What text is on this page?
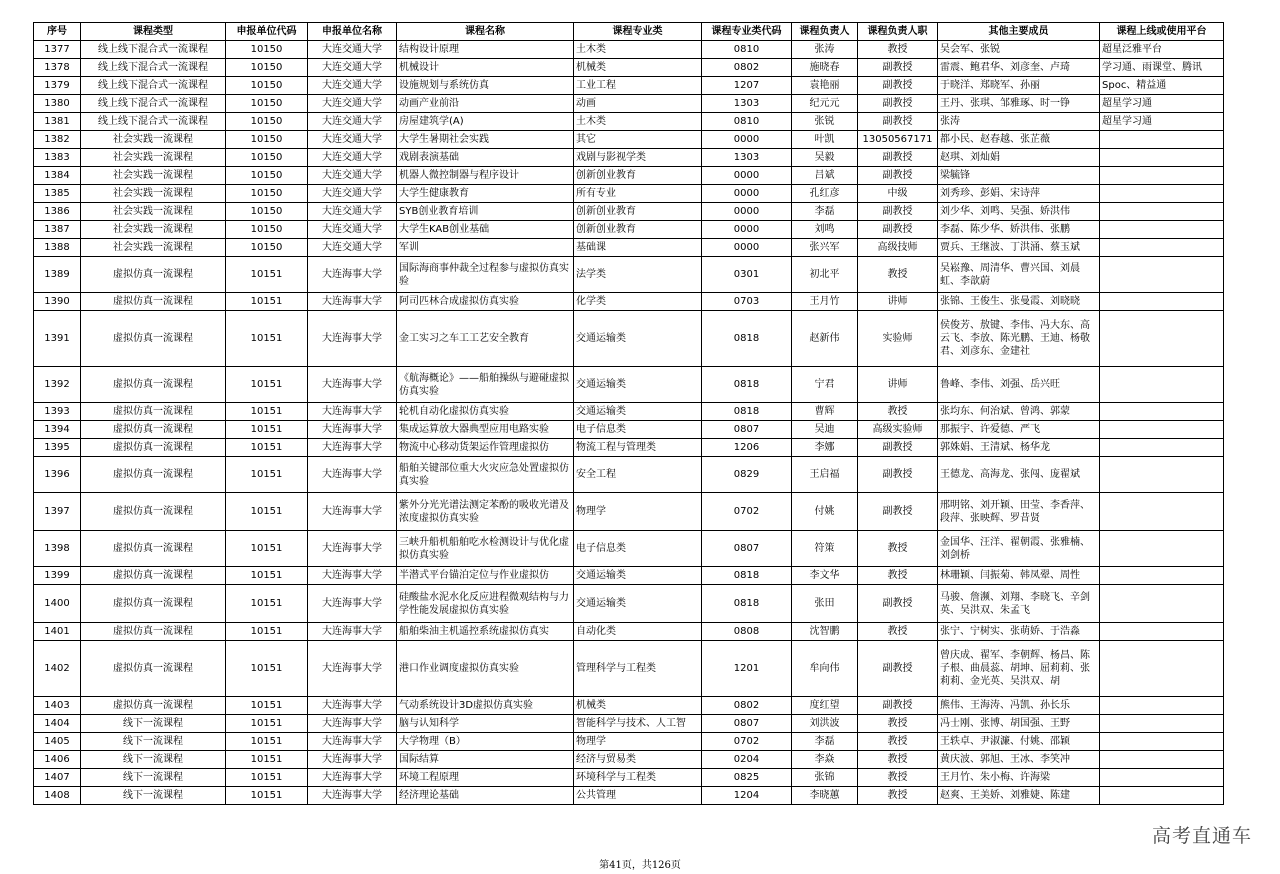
序号	课程类型	申报单位代码	申报单位名称	课程名称	课程专业类	课程专业类代码	课程负责人	课程负责人职	其他主要成员	课程上线或使用平台
1377	线上线下混合式一流课程	10150	大连交通大学	结构设计原理	土木类	0810	张涛	教授	吴会军、张锐	超星泛雅平台
1378	线上线下混合式一流课程	10150	大连交通大学	机械设计	机械类	0802	施晓春	副教授	雷震、鲍君华、刘彦奎、卢琦	学习通、雨课堂、腾讯
1379	线上线下混合式一流课程	10150	大连交通大学	设施规划与系统仿真	工业工程	1207	袁艳丽	副教授	于晓洋、郑晓军、孙丽	Spoc、精益通
1380	线上线下混合式一流课程	10150	大连交通大学	动画产业前沿	动画	1303	纪元元	副教授	王丹、张琪、邹雅琢、时一铮	超星学习通
1381	线上线下混合式一流课程	10150	大连交通大学	房屋建筑学(A)	土木类	0810	张锐	副教授	张涛	超星学习通
1382	社会实践一流课程	10150	大连交通大学	大学生暑期社会实践	其它	0000	叶凯	13050567171	都小民、赵春越、张芷薇	
1383	社会实践一流课程	10150	大连交通大学	戏剧表演基础	戏剧与影视学类	1303	吴毅	副教授	赵琪、刘灿娟	
1384	社会实践一流课程	10150	大连交通大学	机器人微控制器与程序设计	创新创业教育	0000	吕斌	副教授	梁毓锋	
1385	社会实践一流课程	10150	大连交通大学	大学生健康教育	所有专业	0000	孔红彦	中级	刘秀珍、彭娟、宋诗萍	
1386	社会实践一流课程	10150	大连交通大学	SYB创业教育培训	创新创业教育	0000	李磊	副教授	刘少华、刘鸣、吴强、娇洪伟	
1387	社会实践一流课程	10150	大连交通大学	大学生KAB创业基础	创新创业教育	0000	刘鸣	副教授	李磊、陈少华、娇洪伟、张鹏	
1388	社会实践一流课程	10150	大连交通大学	军训	基础课	0000	张兴军	高级技师	贾兵、王继波、丁洪涌、蔡玉斌	
1389	虚拟仿真一流课程	10151	大连海事大学	国际海商事仲裁全过程参与虚拟仿真实验	法学类	0301	初北平	教授	吴崧豫、周清华、曹兴国、刘晨虹、李歆蔚	
1390	虚拟仿真一流课程	10151	大连海事大学	阿司匹林合成虚拟仿真实验	化学类	0703	王月竹	讲师	张锦、王俊生、张曼霞、刘晓晓	
1391	虚拟仿真一流课程	10151	大连海事大学	金工实习之车工工艺安全教育	交通运输类	0818	赵新伟	实验师	侯俊芳、敖键、李伟、冯大东、高云飞、李放、陈光鹏、王迪、杨敬君、刘彦东、金建社	
1392	虚拟仿真一流课程	10151	大连海事大学	《航海概论》——船舶操纵与避碰虚拟仿真实验	交通运输类	0818	宁君	讲师	鲁峰、李伟、刘强、岳兴旺	
1393	虚拟仿真一流课程	10151	大连海事大学	轮机自动化虚拟仿真实验	交通运输类	0818	曹辉	教授	张均东、何治斌、曾鸿、郭蒙	
1394	虚拟仿真一流课程	10151	大连海事大学	集成运算放大器典型应用电路实验	电子信息类	0807	吴迪	高级实验师	那振宇、许爱德、严飞	
1395	虚拟仿真一流课程	10151	大连海事大学	物流中心移动货架运作管理虚拟仿	物流工程与管理类	1206	李娜	副教授	郭姝娟、王清斌、杨华龙	
1396	虚拟仿真一流课程	10151	大连海事大学	船舶关键部位重大火灾应急处置虚拟仿真实验	安全工程	0829	王启福	副教授	王德龙、高海龙、张闯、庞翟斌	
1397	虚拟仿真一流课程	10151	大连海事大学	紫外分光光谱法测定苯酚的吸收光谱及浓度虚拟仿真实验	物理学	0702	付姚	副教授	邢明铭、刘开颖、田莹、李香萍、段萍、张映辉、罗昔贤	
1398	虚拟仿真一流课程	10151	大连海事大学	三峡升船机船舶吃水检测设计与优化虚拟仿真实验	电子信息类	0807	符策	教授	金国华、汪洋、翟朝霞、张雅楠、刘剑桥	
1399	虚拟仿真一流课程	10151	大连海事大学	半潜式平台锚泊定位与作业虚拟仿	交通运输类	0818	李文华	教授	林珊颖、闫振菊、韩凤翚、周性	
1400	虚拟仿真一流课程	10151	大连海事大学	硅酸盐水泥水化反应进程微观结构与力学性能发展虚拟仿真实验	交通运输类	0818	张田	副教授	马骏、詹濒、刘翔、李晓飞、辛剑英、吴洪双、朱孟飞	
1401	虚拟仿真一流课程	10151	大连海事大学	船舶柴油主机遥控系统虚拟仿真实	自动化类	0808	沈智鹏	教授	张宁、宁树实、张萌娇、于浩淼	
1402	虚拟仿真一流课程	10151	大连海事大学	港口作业调度虚拟仿真实验	管理科学与工程类	1201	牟向伟	副教授	曾庆成、翟军、李朝辉、杨昌、陈子根、曲晨蕊、胡坤、屈莉莉、张莉莉、金光英、吴洪双、胡	
1403	虚拟仿真一流课程	10151	大连海事大学	气动系统设计3D虚拟仿真实验	机械类	0802	度红望	副教授	熊伟、王海涛、冯凯、孙长乐	
1404	线下一流课程	10151	大连海事大学	脑与认知科学	智能科学与技术、人工智	0807	刘洪波	教授	冯士刚、张博、胡国强、王野	
1405	线下一流课程	10151	大连海事大学	大学物理（B）	物理学	0702	李磊	教授	王轶卓、尹淑濂、付姚、邵颖	
1406	线下一流课程	10151	大连海事大学	国际结算	经济与贸易类	0204	李焱	教授	黄庆波、郭旭、王冰、李笑冲	
1407	线下一流课程	10151	大连海事大学	环境工程原理	环境科学与工程类	0825	张锦	教授	王月竹、朱小梅、许海梁	
1408	线下一流课程	10151	大连海事大学	经济理论基础	公共管理	1204	李晓蕙	教授	赵爽、王美娇、刘雅婕、陈建	
高考直通车
第41页，共126页
